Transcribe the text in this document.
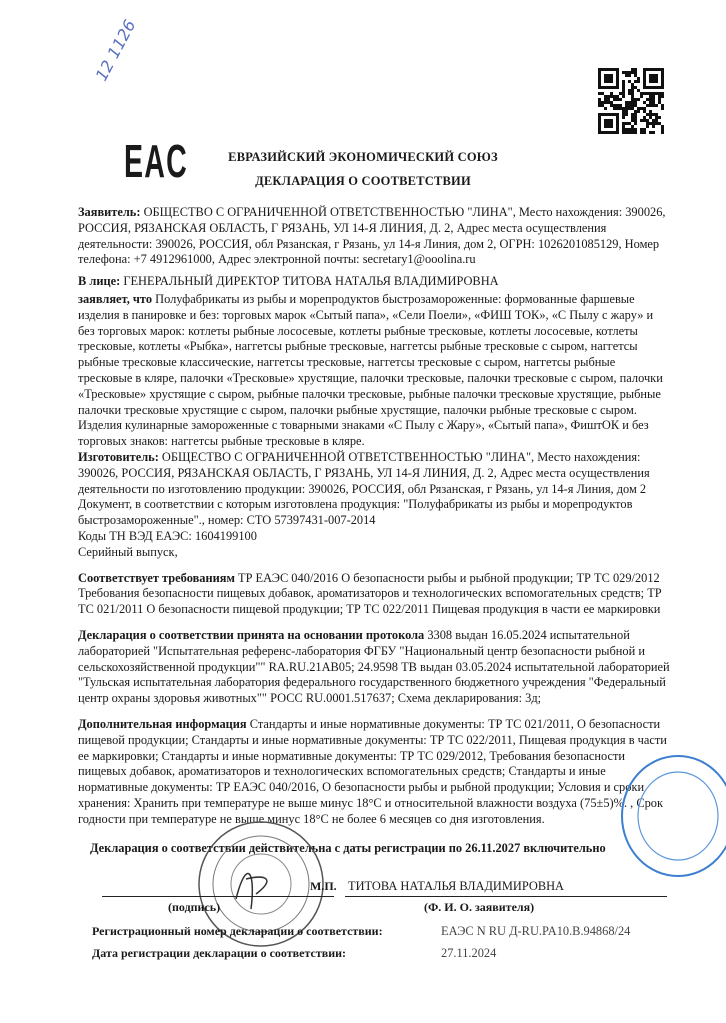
12 1126
EAC	ЕВРАЗИЙСКИЙ ЭКОНОМИЧЕСКИЙ СОЮЗ
ДЕКЛАРАЦИЯ О СООТВЕТСТВИИ

Заявитель: ОБЩЕСТВО С ОГРАНИЧЕННОЙ ОТВЕТСТВЕННОСТЬЮ "ЛИНА", Место нахождения: 390026, РОССИЯ, РЯЗАНСКАЯ ОБЛАСТЬ, Г РЯЗАНЬ, УЛ 14-Я ЛИНИЯ, Д. 2, Адрес места осуществления деятельности: 390026, РОССИЯ, обл Рязанская, г Рязань, ул 14-я Линия, дом 2, ОГРН: 1026201085129, Номер телефона: +7 4912961000, Адрес электронной почты: secretary1@ooolina.ru

В лице: ГЕНЕРАЛЬНЫЙ ДИРЕКТОР ТИТОВА НАТАЛЬЯ ВЛАДИМИРОВНА

заявляет, что Полуфабрикаты из рыбы и морепродуктов быстрозамороженные: формованные фаршевые изделия в панировке и без: торговых марок «Сытый папа», «Сели Поели», «ФИШ ТОК», «С Пылу с жару» и без торговых марок: котлеты рыбные лососевые, котлеты рыбные тресковые, котлеты лососевые, котлеты тресковые, котлеты «Рыбка», наггетсы рыбные тресковые, наггетсы рыбные тресковые с сыром, наггетсы рыбные тресковые классические, наггетсы тресковые, наггетсы тресковые с сыром, наггетсы рыбные тресковые в кляре, палочки «Тресковые» хрустящие, палочки тресковые, палочки тресковые с сыром, палочки «Тресковые» хрустящие с сыром, рыбные палочки тресковые, рыбные палочки тресковые хрустящие, рыбные палочки тресковые хрустящие с сыром, палочки рыбные хрустящие, палочки рыбные тресковые с сыром. Изделия кулинарные замороженные с товарными знаками «С Пылу с Жару», «Сытый папа», ФиштОК и без торговых знаков: наггетсы рыбные тресковые в кляре.

Изготовитель: ОБЩЕСТВО С ОГРАНИЧЕННОЙ ОТВЕТСТВЕННОСТЬЮ "ЛИНА", Место нахождения: 390026, РОССИЯ, РЯЗАНСКАЯ ОБЛАСТЬ, Г РЯЗАНЬ, УЛ 14-Я ЛИНИЯ, Д. 2, Адрес места осуществления деятельности по изготовлению продукции: 390026, РОССИЯ, обл Рязанская, г Рязань, ул 14-я Линия, дом 2

Документ, в соответствии с которым изготовлена продукция: "Полуфабрикаты из рыбы и морепродуктов быстрозамороженные"., номер: СТО 57397431-007-2014

Коды ТН ВЭД ЕАЭС: 1604199100

Серийный выпуск,

Соответствует требованиям ТР ЕАЭС 040/2016 О безопасности рыбы и рыбной продукции; ТР ТС 029/2012 Требования безопасности пищевых добавок, ароматизаторов и технологических вспомогательных средств; ТР ТС 021/2011 О безопасности пищевой продукции; ТР ТС 022/2011 Пищевая продукция в части ее маркировки

Декларация о соответствии принята на основании протокола 3308 выдан 16.05.2024 испытательной лабораторией "Испытательная референс-лаборатория ФГБУ "Национальный центр безопасности рыбной и сельскохозяйственной продукции"" RA.RU.21AB05; 24.9598 ТВ выдан 03.05.2024 испытательной лабораторией "Тульская испытательная лаборатория федерального государственного бюджетного учреждения "Федеральный центр охраны здоровья животных"" РОСС RU.0001.517637; Схема декларирования: 3д;

Дополнительная информация Стандарты и иные нормативные документы: ТР ТС 021/2011, О безопасности пищевой продукции; Стандарты и иные нормативные документы: ТР ТС 022/2011, Пищевая продукция в части ее маркировки; Стандарты и иные нормативные документы: ТР ТС 029/2012, Требования безопасности пищевых добавок, ароматизаторов и технологических вспомогательных средств; Стандарты и иные нормативные документы: ТР ЕАЭС 040/2016, О безопасности рыбы и рыбной продукции; Условия и сроки хранения: Хранить при температуре не выше минус 18°С и относительной влажности воздуха (75±5)%. , Срок годности при температуре не выше минус 18°С не более 6 месяцев со дня изготовления.

Декларация о соответствии действительна с даты регистрации по 26.11.2027 включительно

М.П. ТИТОВА НАТАЛЬЯ ВЛАДИМИРОВНА
(подпись)	(Ф. И. О. заявителя)
Регистрационный номер декларации о соответствии:	ЕАЭС N RU Д-RU.PA10.B.94868/24
Дата регистрации декларации о соответствии:	27.11.2024
